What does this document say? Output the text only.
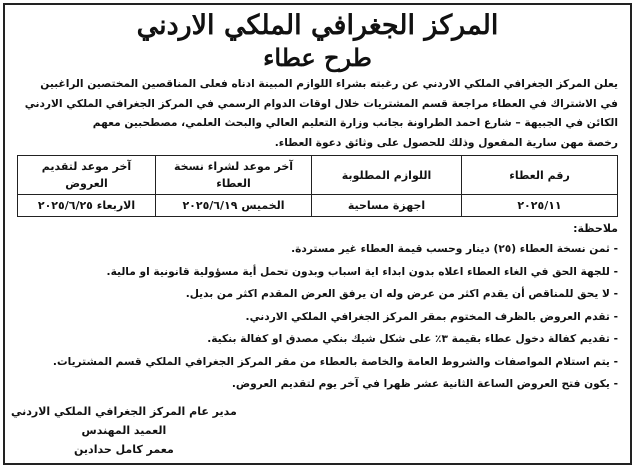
المركز الجغرافي الملكي الاردني
طرح عطاء

يعلن المركز الجغرافي الملكي الاردني عن رغبته بشراء اللوازم المبينة ادناه فعلى المناقصين المختصين الراغبين
في الاشتراك في العطاء مراجعة قسم المشتريات خلال اوقات الدوام الرسمي في المركز الجغرافي الملكي الاردني
الكائن في الجبيهة – شارع احمد الطراونة بجانب وزارة التعليم العالي والبحث العلمي، مصطحبين معهم
رخصة مهن سارية المفعول وذلك للحصول على وثائق دعوة العطاء.

رقم العطاء	اللوازم المطلوبة	آخر موعد لشراء نسخة العطاء	آخر موعد لتقديم العروض
٢٠٢٥/١١	اجهزة مساحية	الخميس ٢٠٢٥/٦/١٩	الاربعاء ٢٠٢٥/٦/٢٥

ملاحظة:

- ثمن نسخة العطاء (٢٥) دينار وحسب قيمة العطاء غير مستردة.
- للجهة الحق في الغاء العطاء اعلاه بدون ابداء اية اسباب وبدون تحمل أية مسؤولية قانونية او مالية.
- لا يحق للمناقص أن يقدم اكثر من عرض وله ان يرفق العرض المقدم اكثر من بديل.
- تقدم العروض بالظرف المختوم بمقر المركز الجغرافي الملكي الاردني.
- تقديم كفالة دخول عطاء بقيمة ٣٪ على شكل شيك بنكي مصدق او كفالة بنكية.
- يتم استلام المواصفات والشروط العامة والخاصة بالعطاء من مقر المركز الجغرافي الملكي قسم المشتريات.
- يكون فتح العروض الساعة الثانية عشر ظهرا في آخر يوم لتقديم العروض.
مدير عام المركز الجغرافي الملكي الاردني
العميد المهندس
معمر كامل حدادين
